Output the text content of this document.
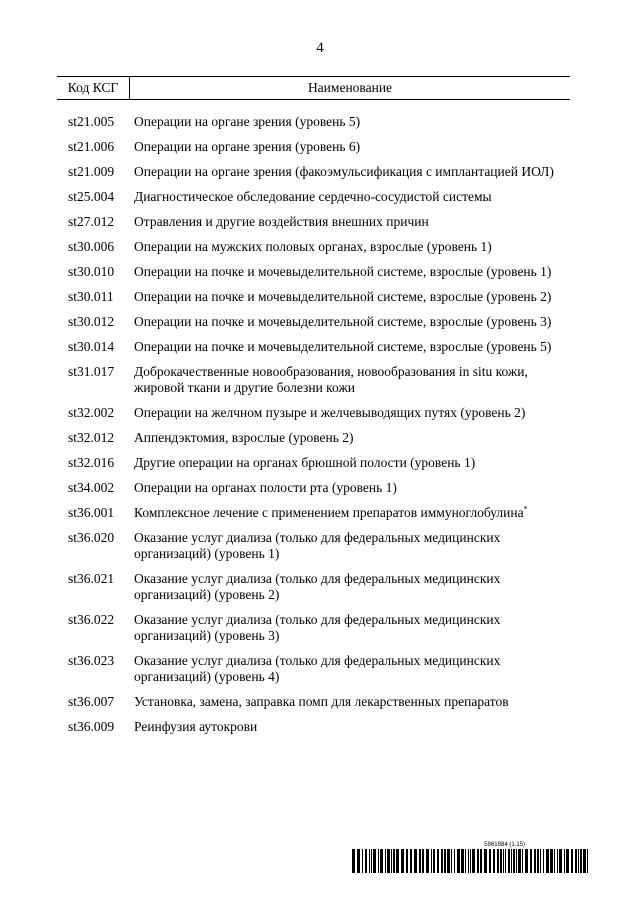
4
Код КСГ	Наименование
st21.005	Операции на органе зрения (уровень 5)
st21.006	Операции на органе зрения (уровень 6)
st21.009	Операции на органе зрения (факоэмульсификация с имплантацией ИОЛ)
st25.004	Диагностическое обследование сердечно-сосудистой системы
st27.012	Отравления и другие воздействия внешних причин
st30.006	Операции на мужских половых органах, взрослые (уровень 1)
st30.010	Операции на почке и мочевыделительной системе, взрослые (уровень 1)
st30.011	Операции на почке и мочевыделительной системе, взрослые (уровень 2)
st30.012	Операции на почке и мочевыделительной системе, взрослые (уровень 3)
st30.014	Операции на почке и мочевыделительной системе, взрослые (уровень 5)
st31.017	Доброкачественные новообразования, новообразования in situ кожи, жировой ткани и другие болезни кожи
st32.002	Операции на желчном пузыре и желчевыводящих путях (уровень 2)
st32.012	Аппендэктомия, взрослые (уровень 2)
st32.016	Другие операции на органах брюшной полости (уровень 1)
st34.002	Операции на органах полости рта (уровень 1)
st36.001	Комплексное лечение с применением препаратов иммуноглобулина*
st36.020	Оказание услуг диализа (только для федеральных медицинских организаций) (уровень 1)
st36.021	Оказание услуг диализа (только для федеральных медицинских организаций) (уровень 2)
st36.022	Оказание услуг диализа (только для федеральных медицинских организаций) (уровень 3)
st36.023	Оказание услуг диализа (только для федеральных медицинских организаций) (уровень 4)
st36.007	Установка, замена, заправка помп для лекарственных препаратов
st36.009	Реинфузия аутокрови
5961984 (1.15)
